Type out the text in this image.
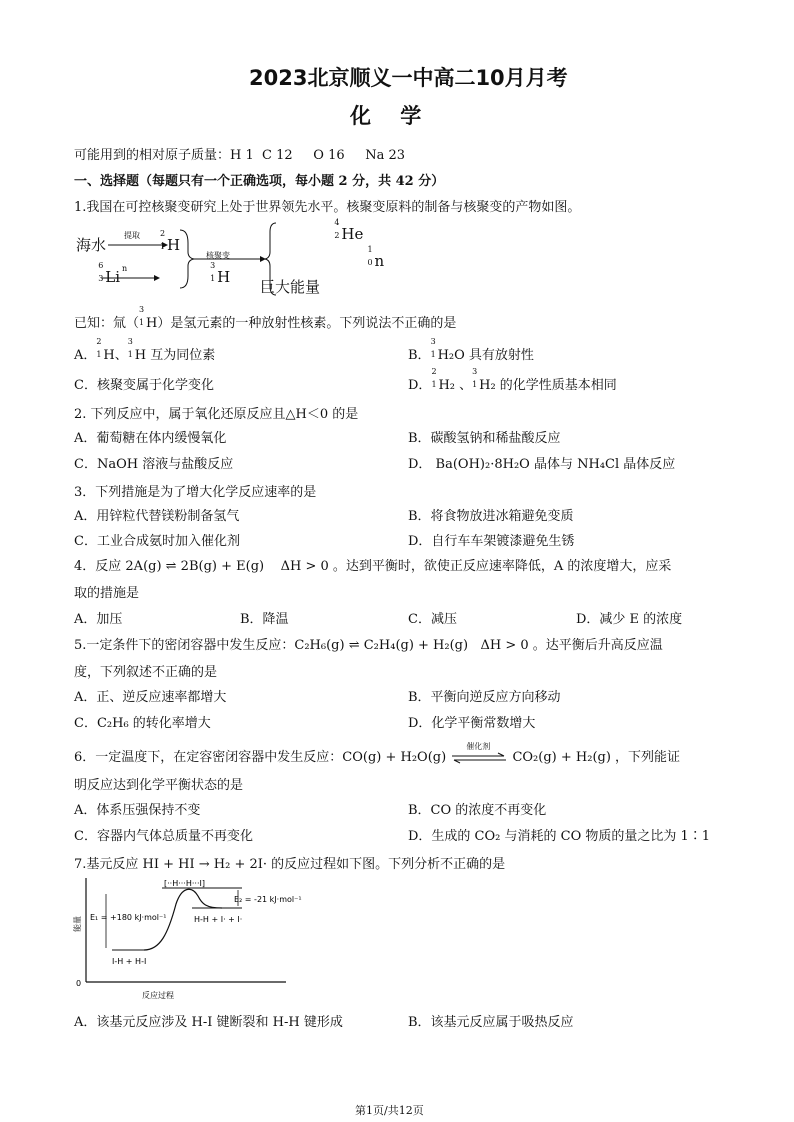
2023北京顺义一中高二10月月考
化    学
可能用到的相对原子质量：H 1  C 12     O 16     Na 23
一、选择题（每题只有一个正确选项，每小题 2 分，共 42 分）
1.我国在可控核聚变研究上处于世界领先水平。核聚变原料的制备与核聚变的产物如图。
海水
提取	2
1 H
6
3 Li n	3
1 H
核聚变
4
2 He
1
0 n
巨大能量
已知：氚（
3
1 H）是氢元素的一种放射性核素。下列说法不正确的是
A．
2
1 H、
3
1 H 互为同位素	B．
3
1 H₂O 具有放射性
C．核聚变属于化学变化	D．
2
1 H₂ 、
3
1 H₂ 的化学性质基本相同
2. 下列反应中，属于氧化还原反应且△H＜0 的是
A．葡萄糖在体内缓慢氧化	B．碳酸氢钠和稀盐酸反应
C．NaOH 溶液与盐酸反应	D． Ba(OH)₂·8H₂O 晶体与 NH₄Cl 晶体反应
3．下列措施是为了增大化学反应速率的是
A．用锌粒代替镁粉制备氢气	B．将食物放进冰箱避免变质
C．工业合成氨时加入催化剂	D．自行车车架镀漆避免生锈
4．反应 2A(g) ⇌ 2B(g) + E(g)    ΔH > 0 。达到平衡时，欲使正反应速率降低，A 的浓度增大，应采
取的措施是
A．加压	B．降温	C．减压	D．减少 E 的浓度
5.一定条件下的密闭容器中发生反应：C₂H₆(g) ⇌ C₂H₄(g) + H₂(g)   ΔH > 0 。达平衡后升高反应温
度，下列叙述不正确的是
A．正、逆反应速率都增大	B．平衡向逆反应方向移动
C．C₂H₆ 的转化率增大	D．化学平衡常数增大
6．一定温度下，在定容密闭容器中发生反应：CO(g) + H₂O(g)
催化剂
CO₂(g) + H₂(g) ，下列能证
明反应达到化学平衡状态的是
A．体系压强保持不变	B．CO 的浓度不再变化
C．容器内气体总质量不再变化	D．生成的 CO₂ 与消耗的 CO 物质的量之比为 1∶1
7.基元反应 HI + HI → H₂ + 2I· 的反应过程如下图。下列分析不正确的是
[··H···H···I]
E₁ = +180 kJ·mol⁻¹
E₂ = -21 kJ·mol⁻¹
H-H + I· + I·
I-H + H-I
能量
0
反应过程
A．该基元反应涉及 H-I 键断裂和 H-H 键形成	B．该基元反应属于吸热反应
第1页/共12页
